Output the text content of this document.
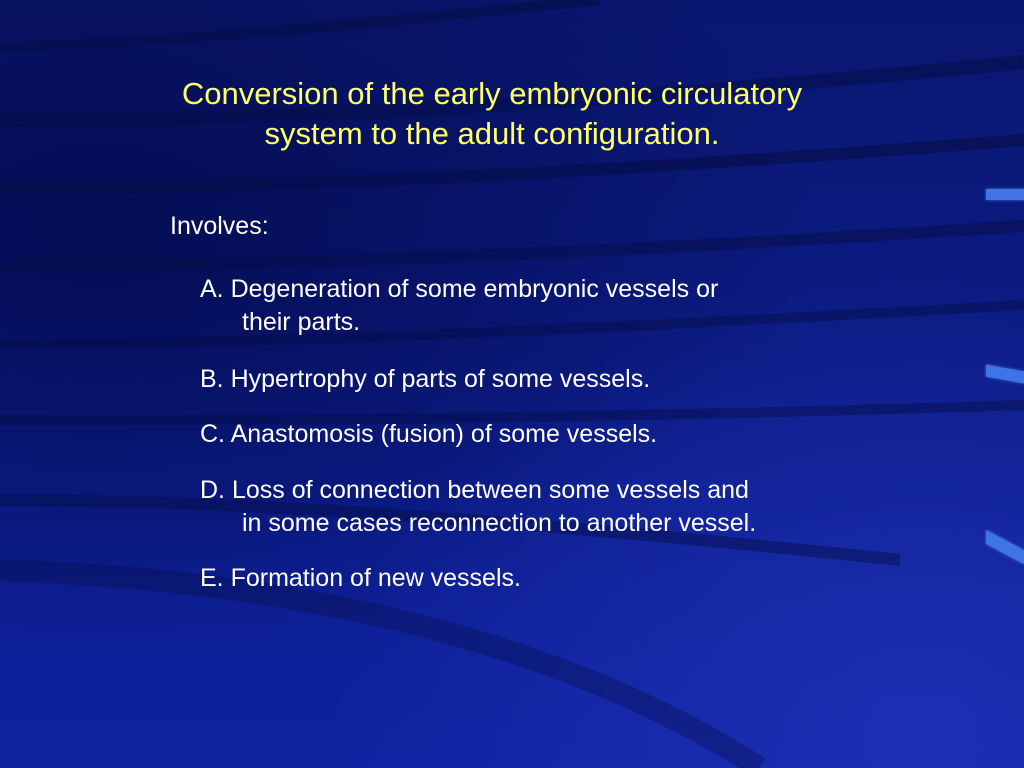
Conversion of the early embryonic circulatory
system to the adult configuration.
Involves:
A. Degeneration of some embryonic vessels or
their parts.
B. Hypertrophy of parts of some vessels.
C. Anastomosis (fusion) of some vessels.
D. Loss of connection between some vessels and
in some cases reconnection to another vessel.
E. Formation of new vessels.
